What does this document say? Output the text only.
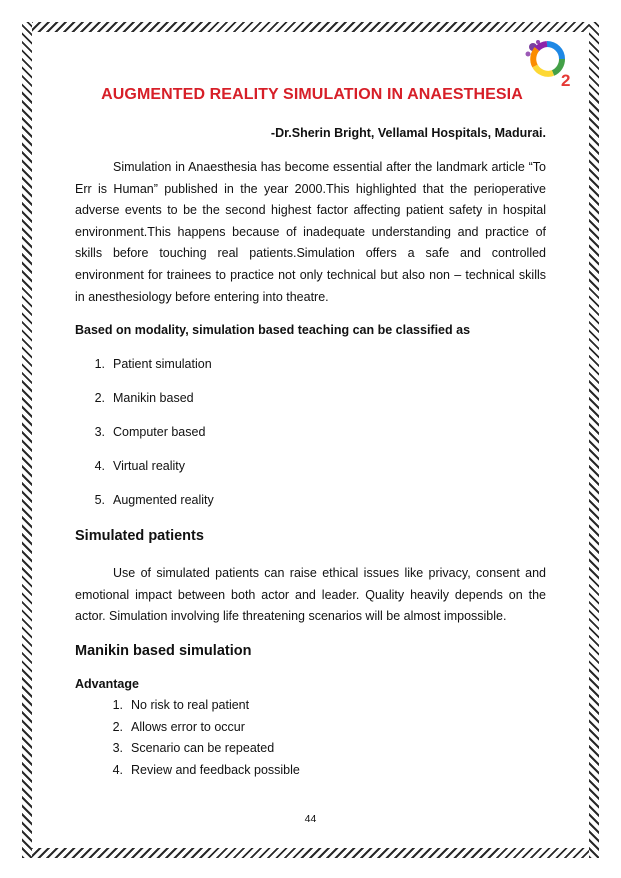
2
AUGMENTED REALITY SIMULATION IN ANAESTHESIA
-Dr.Sherin Bright, Vellamal Hospitals, Madurai.

Simulation in Anaesthesia has become essential after the landmark article “To Err is Human” published in the year 2000.This highlighted that the perioperative adverse events to be the second highest factor affecting patient safety in hospital environment.This happens because of inadequate understanding and practice of skills before touching real patients.Simulation offers a safe and controlled environment for trainees to practice not only technical but also non – technical skills in anesthesiology before entering into theatre.

Based on modality, simulation based teaching can be classified as
1. Patient simulation
2. Manikin based
3. Computer based
4. Virtual reality
5. Augmented reality
Simulated patients

Use of simulated patients can raise ethical issues like privacy, consent and emotional impact between both actor and leader. Quality heavily depends on the actor. Simulation involving life threatening scenarios will be almost impossible.

Manikin based simulation
Advantage
1. No risk to real patient
2. Allows error to occur
3. Scenario can be repeated
4. Review and feedback possible
44
